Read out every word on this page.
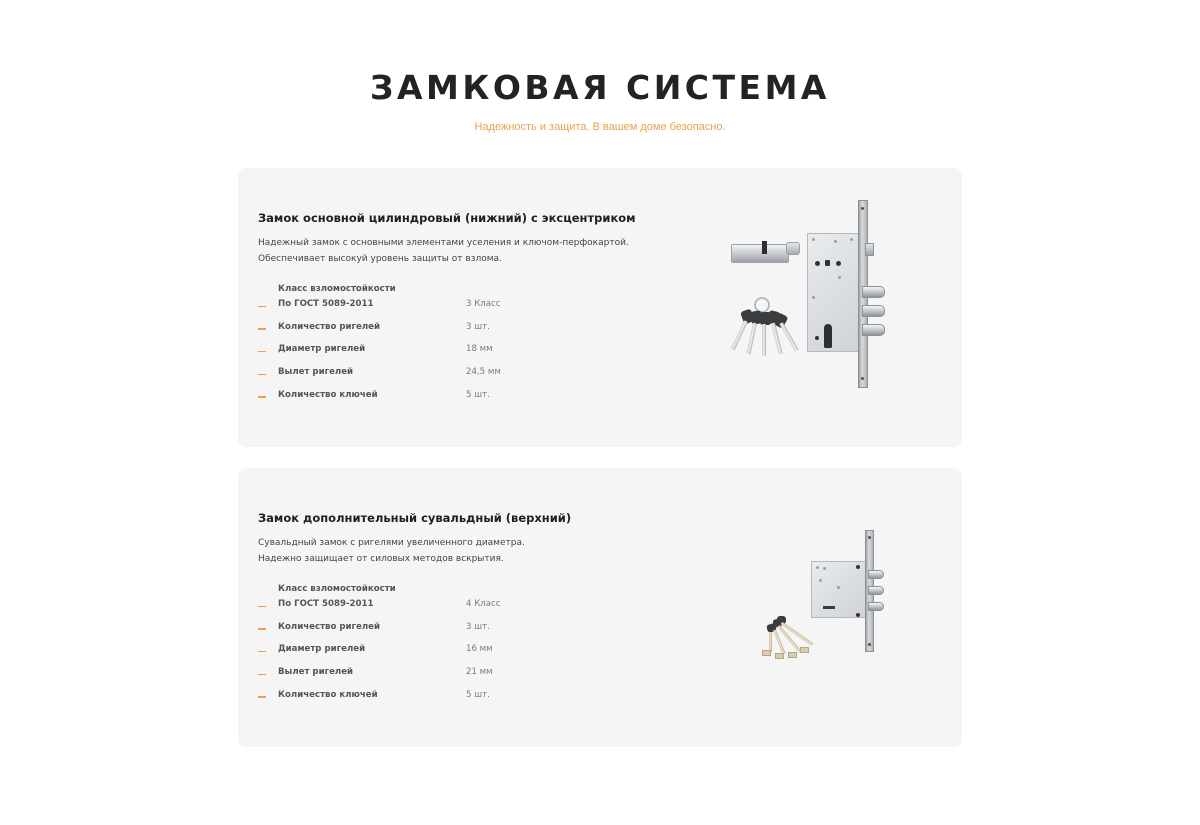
ЗАМКОВАЯ СИСТЕМА

Надежность и защита. В вашем доме безопасно.

Замок основной цилиндровый (нижний) с эксцентриком
Надежный замок с основными элементами уселения и ключом-перфокартой.
Обеспечивает высокуй уровень защиты от взлома.
Класс взломостойкости
По ГОСТ 5089-2011	3 Класс
Количество ригелей	3 шт.
Диаметр ригелей	18 мм
Вылет ригелей	24,5 мм
Количество ключей	5 шт.
Замок дополнительный сувальдный (верхний)
Сувальдный замок с ригелями увеличенного диаметра.
Надежно защищает от силовых методов вскрытия.
Класс взломостойкости
По ГОСТ 5089-2011	4 Класс
Количество ригелей	3 шт.
Диаметр ригелей	16 мм
Вылет ригелей	21 мм
Количество ключей	5 шт.
